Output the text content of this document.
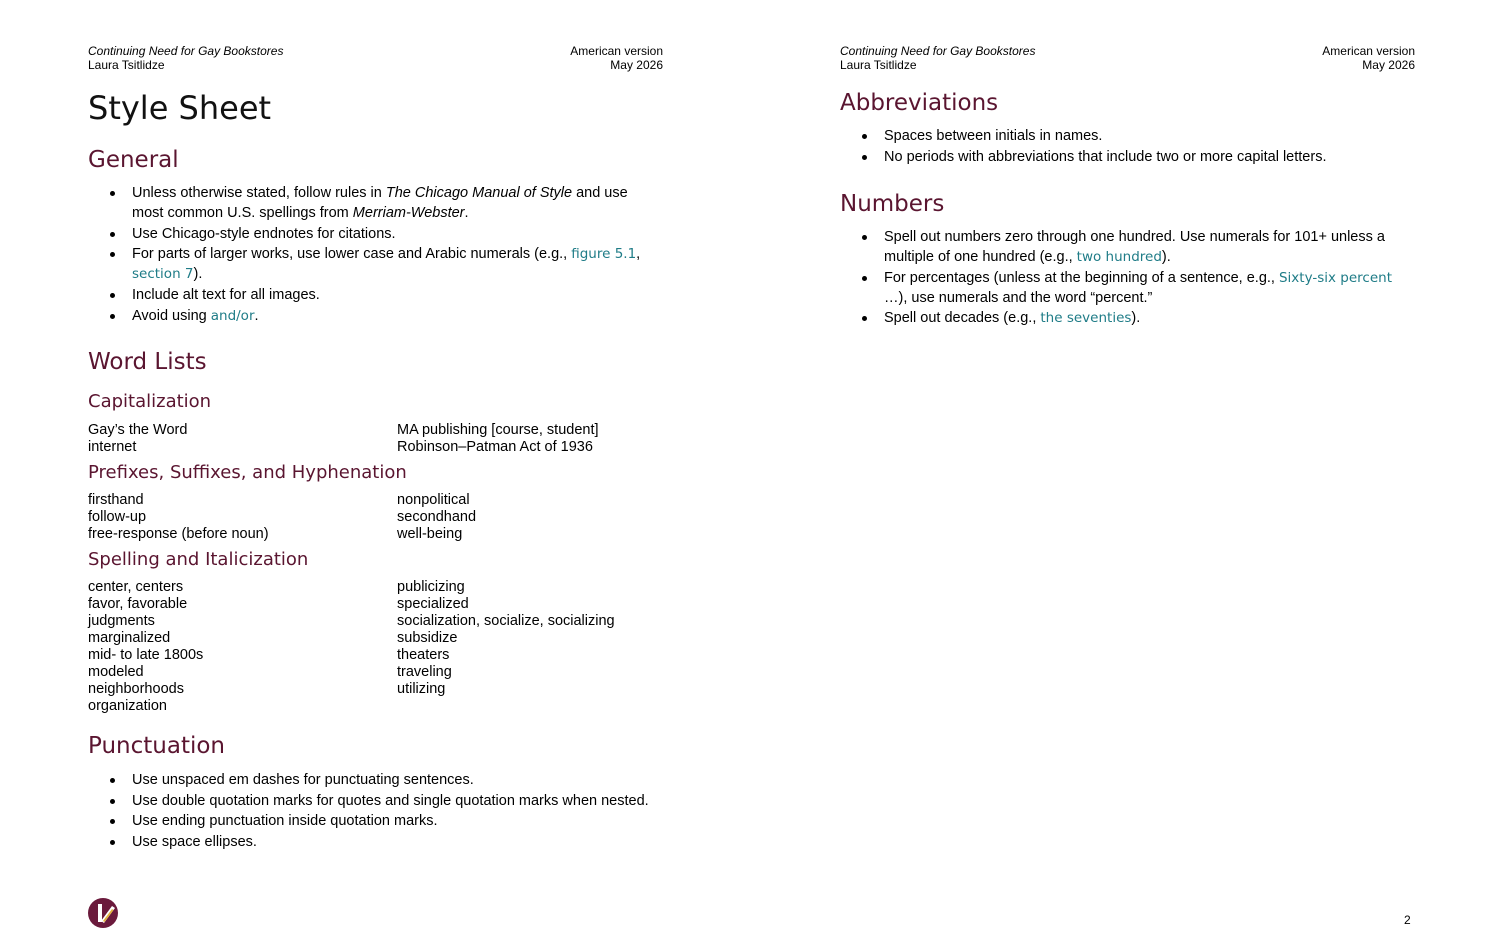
Continuing Need for Gay Bookstores
Laura Tsitlidze
American version
May 2026
Style Sheet
General
Unless otherwise stated, follow rules in The Chicago Manual of Style and use most common U.S. spellings from Merriam-Webster.
Use Chicago-style endnotes for citations.
For parts of larger works, use lower case and Arabic numerals (e.g., figure 5.1, section 7).
Include alt text for all images.
Avoid using and/or.
Word Lists
Capitalization
Gay’s the Word
internet
MA publishing [course, student]
Robinson–Patman Act of 1936
Prefixes, Suffixes, and Hyphenation
firsthand
follow-up
free-response (before noun)
nonpolitical
secondhand
well-being
Spelling and Italicization
center, centers
favor, favorable
judgments
marginalized
mid- to late 1800s
modeled
neighborhoods
organization
publicizing
specialized
socialization, socialize, socializing
subsidize
theaters
traveling
utilizing
Punctuation
Use unspaced em dashes for punctuating sentences.
Use double quotation marks for quotes and single quotation marks when nested.
Use ending punctuation inside quotation marks.
Use space ellipses.
Continuing Need for Gay Bookstores
Laura Tsitlidze
American version
May 2026
Abbreviations
Spaces between initials in names.
No periods with abbreviations that include two or more capital letters.
Numbers
Spell out numbers zero through one hundred. Use numerals for 101+ unless a multiple of one hundred (e.g., two hundred).
For percentages (unless at the beginning of a sentence, e.g., Sixty-six percent …), use numerals and the word “percent.”
Spell out decades (e.g., the seventies).
2
